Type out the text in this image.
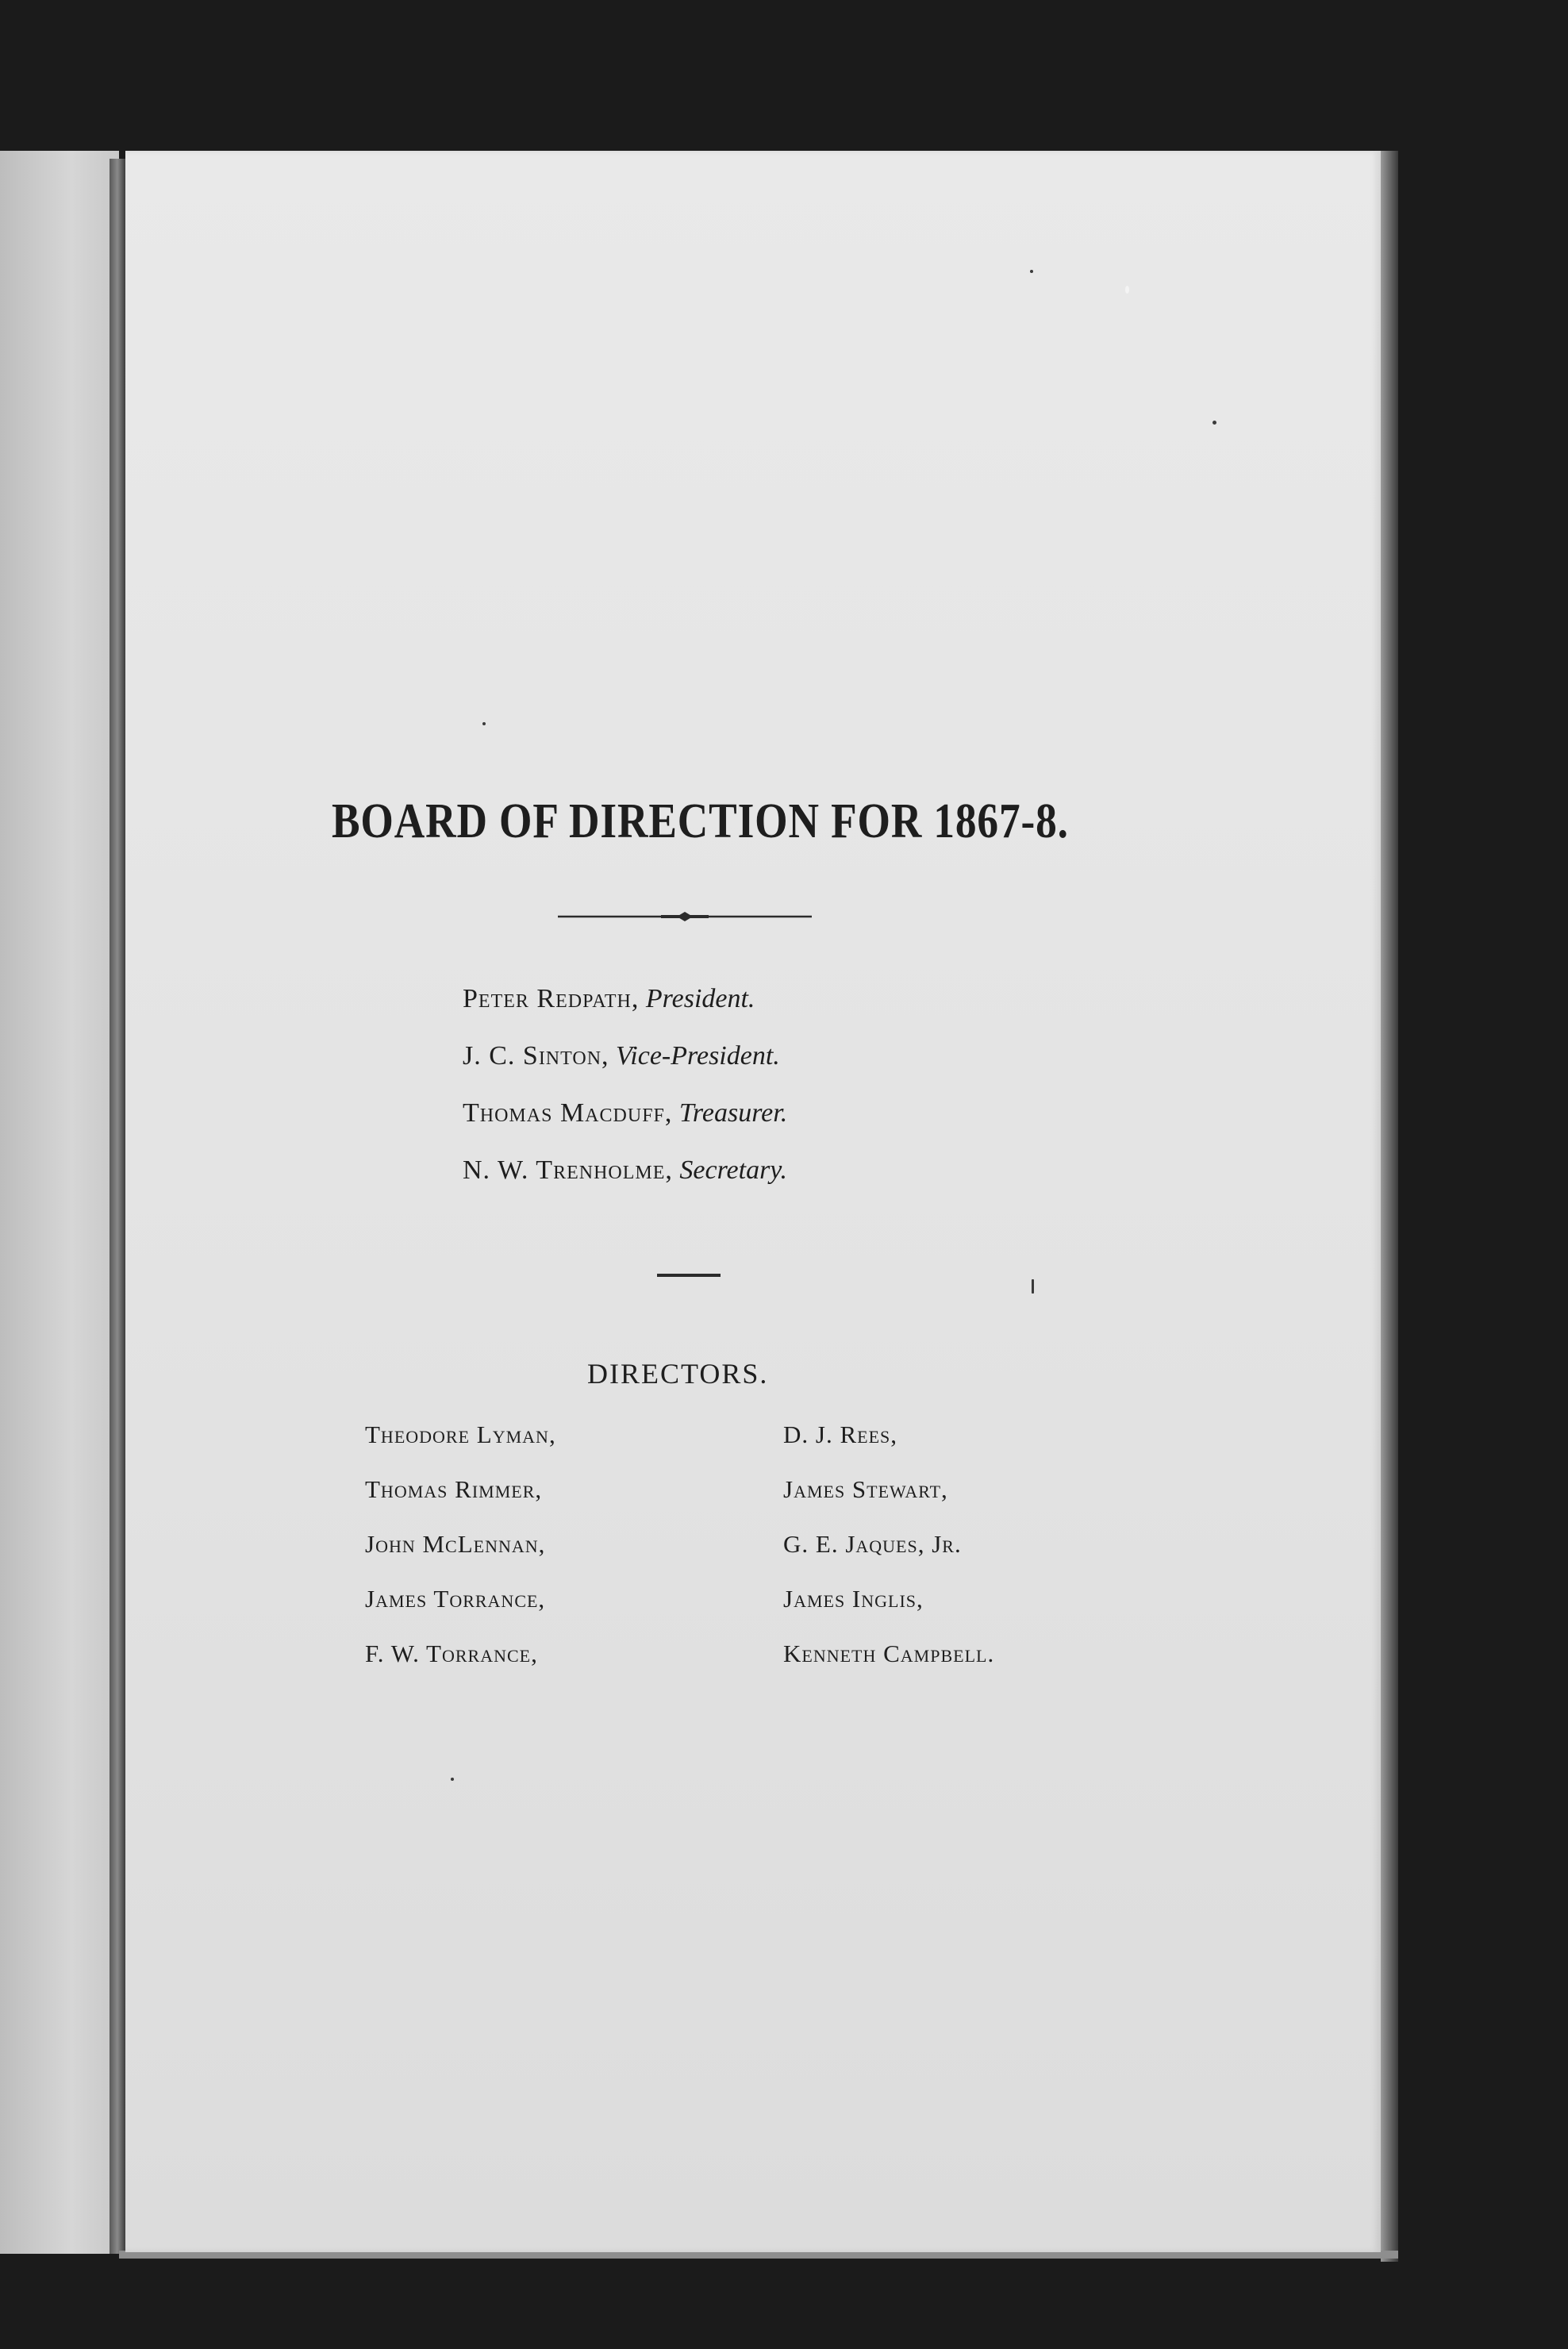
BOARD OF DIRECTION FOR 1867-8.
Peter Redpath, President.
J. C. Sinton, Vice-President.
Thomas Macduff, Treasurer.
N. W. Trenholme, Secretary.
DIRECTORS.
Theodore Lyman,
Thomas Rimmer,
John McLennan,
James Torrance,
F. W. Torrance,
D. J. Rees,
James Stewart,
G. E. Jaques, Jr.
James Inglis,
Kenneth Campbell.
